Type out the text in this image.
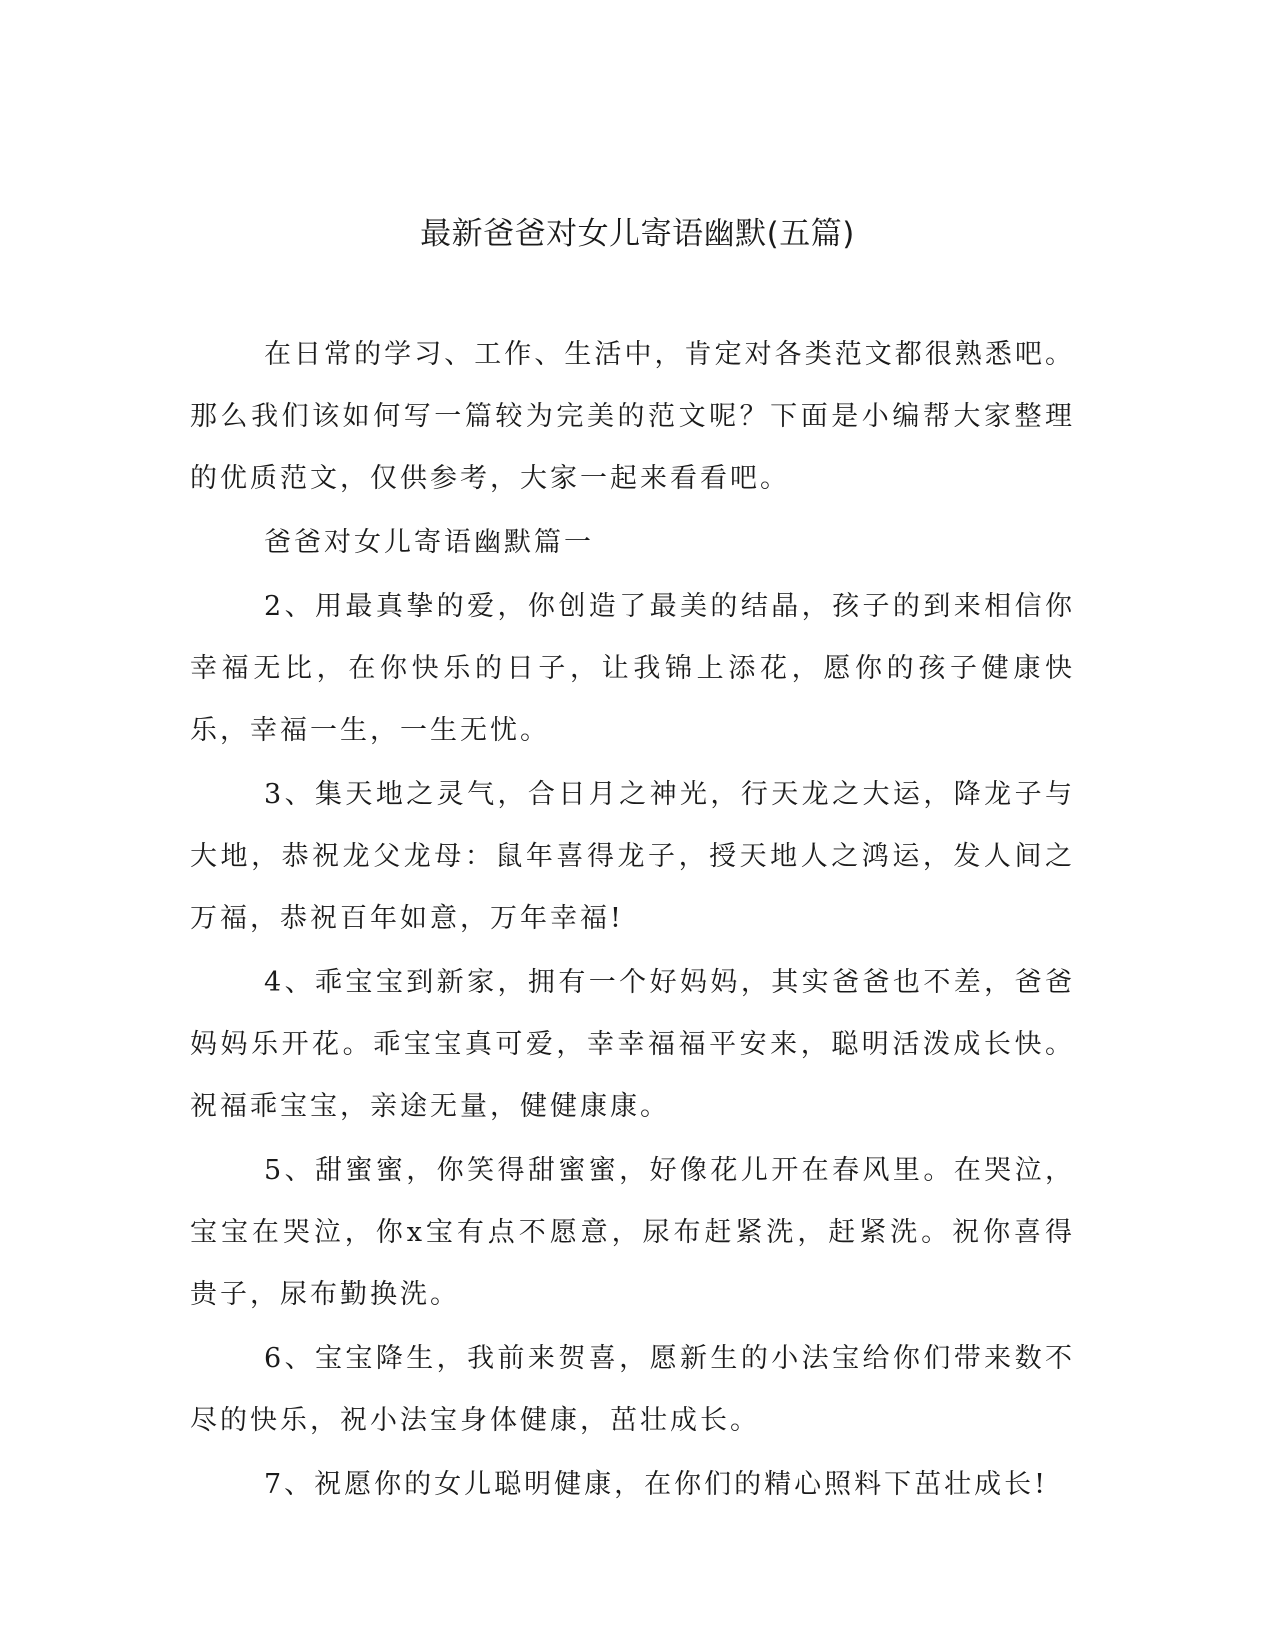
最新爸爸对女儿寄语幽默(五篇)

在日常的学习、工作、生活中，肯定对各类范文都很熟悉吧。那么我们该如何写一篇较为完美的范文呢？下面是小编帮大家整理的优质范文，仅供参考，大家一起来看看吧。

爸爸对女儿寄语幽默篇一

2、用最真挚的爱，你创造了最美的结晶，孩子的到来相信你幸福无比，在你快乐的日子，让我锦上添花，愿你的孩子健康快乐，幸福一生，一生无忧。

3、集天地之灵气，合日月之神光，行天龙之大运，降龙子与大地，恭祝龙父龙母：鼠年喜得龙子，授天地人之鸿运，发人间之万福，恭祝百年如意，万年幸福!

4、乖宝宝到新家，拥有一个好妈妈，其实爸爸也不差，爸爸妈妈乐开花。乖宝宝真可爱，幸幸福福平安来，聪明活泼成长快。祝福乖宝宝，亲途无量，健健康康。

5、甜蜜蜜，你笑得甜蜜蜜，好像花儿开在春风里。在哭泣，宝宝在哭泣，你x宝有点不愿意，尿布赶紧洗，赶紧洗。祝你喜得贵子，尿布勤换洗。

6、宝宝降生，我前来贺喜，愿新生的小法宝给你们带来数不尽的快乐，祝小法宝身体健康，茁壮成长。

7、祝愿你的女儿聪明健康，在你们的精心照料下茁壮成长!
